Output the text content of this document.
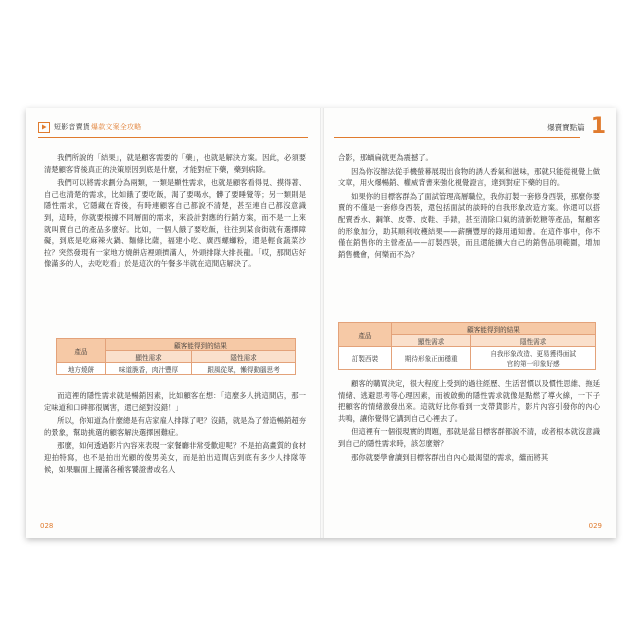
短影音賣貨 爆款文案全攻略

我們所說的「結果」，就是顧客需要的「藥」，也就是解決方案。因此，必須要清楚顧客背後真正的決策原因到底是什麼，才能對症下藥，藥到病除。

我們可以將需求劃分為兩類，一類是顯性需求，也就是顧客看得見、摸得著、自己也清楚的需求，比如餓了要吃飯，渴了要喝水，髒了要睡覺等；另一類則是隱性需求，它隱藏在背後，有時連顧客自己都說不清楚，甚至連自己都沒意識到，這時，你就要根據不同層面的需求，來設計對應的行銷方案，而不是一上來就叫賣自己的產品多麼好。比如，一個人餓了要吃飯，往往到某食街就有選擇障礙，到底是吃麻辣火鍋、麵條比薩，福建小吃、廣西螺螄粉，還是輕食蔬菜沙拉？突然發現有一家地方燒餅店裡頭擠滿人，外頭排隊大排長龍。「哎，那間店好像滿多的人，去吃吃看」於是這次的午餐多半就在這間店解決了。

產品	顧客能得到的結果	
	顯性需求	隱性需求
地方燒餅	味道脆香，肉汁豐厚	跟風從眾，懶得動腦思考

而這裡的隱性需求就是暢銷因素，比如顧客在想：「這麼多人挑這間店，那一定味道和口碑都很厲害，還已絕對沒錯！」

所以，你知道為什麼總是有店家雇人排隊了吧？沒錯，就是為了營造暢銷超夯的景象，幫助挑選的顧客解決選擇困難症。

那麼，如何透過影片內容來表現一家餐廳非常受歡迎呢？不是拍高畫質的食材迎拍特寫，也不是拍出光顧的俊男美女，而是拍出這間店到底有多少人排隊等候，如果驅面上擺滿各種客饕證書或名人

028
爆賣寶點篇 1

合影，那蝸扁就更為震撼了。

因為你沒辦法從手機螢幕展現出食物的誘人香氣和滋味，那就只能從視覺上做文章，用火爆暢銷、權威背書來強化視覺證言，達到對症下藥的目的。

如果你的目標客群為了面試管理高層職位，我你訂製一套修身西裝，那麼你要賣的不僅是一套修身西裝，還包括面試的談時的自我形象改造方案。你還可以搭配賣香水、鋼筆、皮帶、皮鞋、手錶，甚至清除口氣的清新乾糖等產品，幫顧客的形象加分，助其順利收穫結果——薪酬豐厚的錄用通知書。在這件事中，你不僅在銷售你的主營產品——訂製西裝，而且還能擴大自己的銷售品項範圍，增加銷售機會，何樂而不為？

產品	顧客能得到的結果	
	顯性需求	隱性需求
訂製西裝	期待形象正面穩重	自我形象改造、更易獲得面試
官的第一印象好感

顧客的購買決定，很大程度上受到的過往經歷、生活習慣以及慣性思維、拖延情緒、逃避思考等心理因素，而被啟動的隱性需求就像是點燃了導火線，一下子把顧客的情緒激發出來。這就好比你看到一支帶貨影片，影片內容引發你的內心共鳴，讓你覺得它講到自己心裡去了。

但這裡有一個很現實的問題，那就是當目標客群都說不清，或者根本就沒意識到自己的隱性需求時，該怎麼辦？

那你就要學會讀到目標客群出自內心最渴望的需求，繼而將其

029
